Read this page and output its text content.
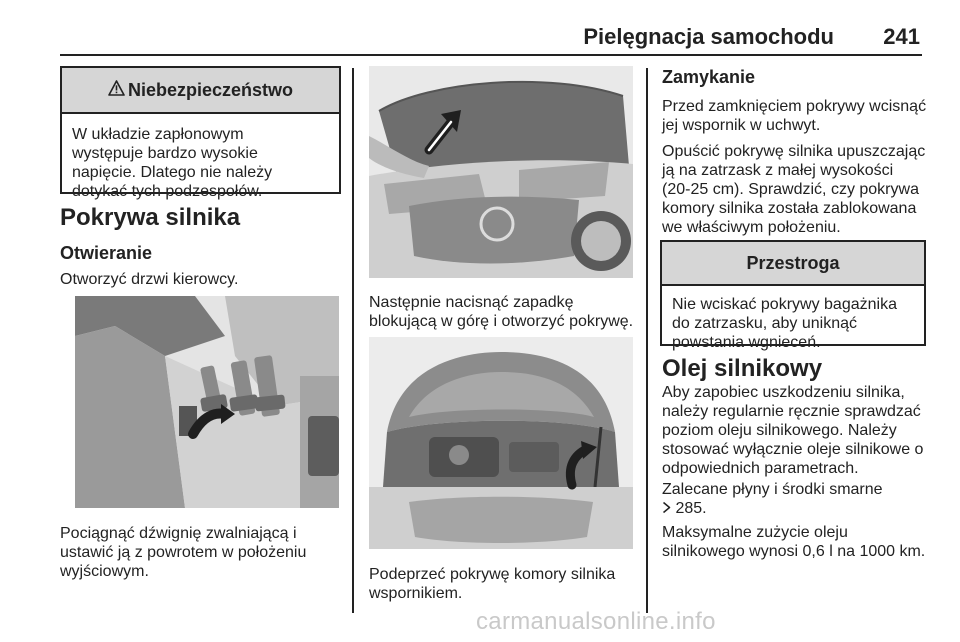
Pielęgnacja samochodu 241
Niebezpieczeństwo
W układzie zapłonowym
występuje bardzo wysokie
napięcie. Dlatego nie należy
dotykać tych podzespołów.
Pokrywa silnika
Otwieranie
Otworzyć drzwi kierowcy.
Pociągnąć dźwignię zwalniającą i
ustawić ją z powrotem w położeniu
wyjściowym.
Następnie nacisnąć zapadkę
blokującą w górę i otworzyć pokrywę.
Podeprzeć pokrywę komory silnika
wspornikiem.
Zamykanie
Przed zamknięciem pokrywy wcisnąć
jej wspornik w uchwyt.
Opuścić pokrywę silnika upuszczając
ją na zatrzask z małej wysokości
(20-25 cm). Sprawdzić, czy pokrywa
komory silnika została zablokowana
we właściwym położeniu.
Przestroga
Nie wciskać pokrywy bagażnika
do zatrzasku, aby uniknąć
powstania wgnieceń.
Olej silnikowy
Aby zapobiec uszkodzeniu silnika,
należy regularnie ręcznie sprawdzać
poziom oleju silnikowego. Należy
stosować wyłącznie oleje silnikowe o
odpowiednich parametrach.
Zalecane płyny i środki smarne
285.
Maksymalne zużycie oleju
silnikowego wynosi 0,6 l na 1000 km.
carmanualsonline.info
